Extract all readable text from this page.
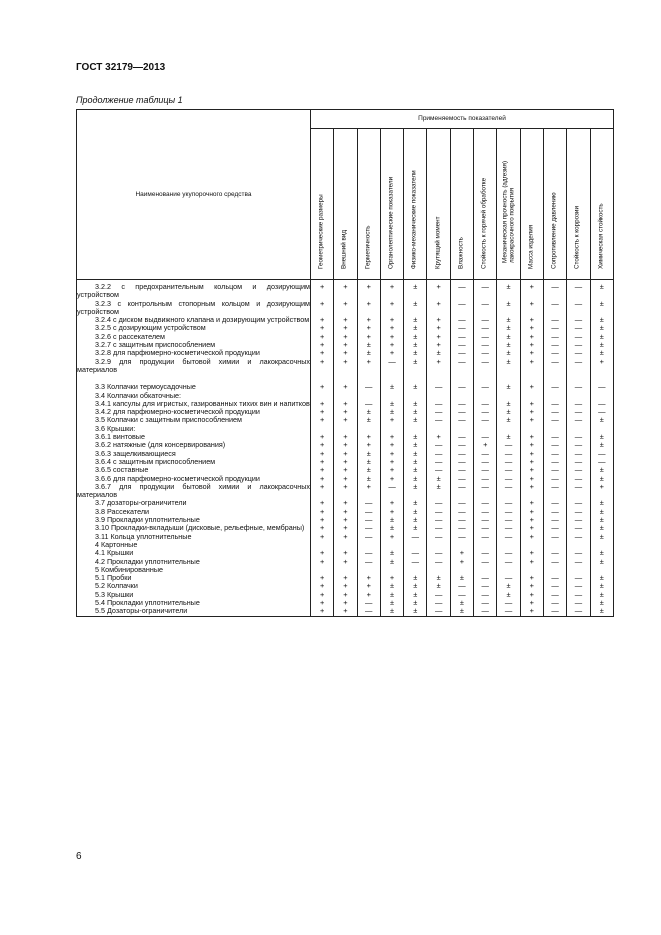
ГОСТ 32179—2013
Продолжение таблицы 1
Наименование укупорочного средства	Применяемость показателей												

	Геометрические размеры	Внешний вид	Герметичность	Органолептические показатели	Физико-механические показатели	Крутящий момент	Влажность	Стойкость к горячей обработке	Механическая прочность (адгезия) лакокрасочного покрытия	Масса изделия	Сопротивление давлению	Стойкость к коррозии	Химическая стойкость

3.2.2 с предохранительным кольцом и дозирующим устройством	+	+	+	+	±	+	—	—	±	+	—	—	±
3.2.3 с контрольным стопорным кольцом и дозирующим устройством	+	+	+	+	±	+	—	—	±	+	—	—	±
3.2.4 с диском выдвижного клапана и дозирующим устройством	+	+	+	+	±	+	—	—	±	+	—	—	±
3.2.5 с дозирующим устройством	+	+	+	+	±	+	—	—	±	+	—	—	±
3.2.6 с рассекателем	+	+	+	+	±	+	—	—	±	+	—	—	±
3.2.7 с защитным приспособлением	+	+	±	+	±	+	—	—	±	+	—	—	±
3.2.8 для парфюмерно-косметической продукции	+	+	±	+	±	±	—	—	±	+	—	—	±
3.2.9 для продукции бытовой химии и лакокрасочных материалов	+	+	+	—	±	+	—	—	±	+	—	—	+
3.3 Колпачки термоусадочные	+	+	—	±	±	—	—	—	±	+	—	—	—
3.4 Колпачки обкаточные:													
3.4.1 капсулы для игристых, газированных тихих вин и напитков	+	+	—	±	±	—	—	—	±	+	—	—	—
3.4.2 для парфюмерно-косметической продукции	+	+	±	±	±	—	—	—	±	+	—	—	—
3.5 Колпачки с защитным приспособлением	+	+	±	+	±	—	—	—	±	+	—	—	±
3.6 Крышки:													
3.6.1 винтовые	+	+	+	+	±	+	—	—	±	+	—	—	±
3.6.2 натяжные (для консервирования)	+	+	+	+	±	—	—	+	—	+	—	—	±
3.6.3 защелкивающиеся	+	+	±	+	±	—	—	—	—	+	—	—	—
3.6.4 с защитным приспособлением	+	+	±	+	±	—	—	—	—	+	—	—	—
3.6.5 составные	+	+	±	+	±	—	—	—	—	+	—	—	±
3.6.6 для парфюмерно-косметической продукции	+	+	±	+	±	±	—	—	—	+	—	—	±
3.6.7 для продукции бытовой химии и лакокрасочных материалов	+	+	+	—	±	±	—	—	—	+	—	—	+
3.7 дозаторы-ограничители	+	+	—	+	±	—	—	—	—	+	—	—	±
3.8 Рассекатели	+	+	—	+	±	—	—	—	—	+	—	—	±
3.9 Прокладки уплотнительные	+	+	—	±	±	—	—	—	—	+	—	—	±
3.10 Прокладки-вкладыши (дисковые, рельефные, мембраны)	+	+	—	±	±	—	—	—	—	+	—	—	±
3.11 Кольца уплотнительные	+	+	—	+	—	—	—	—	—	+	—	—	±
4 Картонные													
4.1 Крышки	+	+	—	±	—	—	+	—	—	+	—	—	±
4.2 Прокладки уплотнительные	+	+	—	±	—	—	+	—	—	+	—	—	±
5 Комбинированные													
5.1 Пробки	+	+	+	+	±	±	±	—	—	+	—	—	±
5.2 Колпачки	+	+	+	±	±	±	—	—	±	+	—	—	±
5.3 Крышки	+	+	+	±	±	—	—	—	±	+	—	—	±
5.4 Прокладки уплотнительные	+	+	—	±	±	—	±	—	—	+	—	—	±
5.5 Дозаторы-ограничители	+	+	—	±	±	—	±	—	—	+	—	—	±
6
